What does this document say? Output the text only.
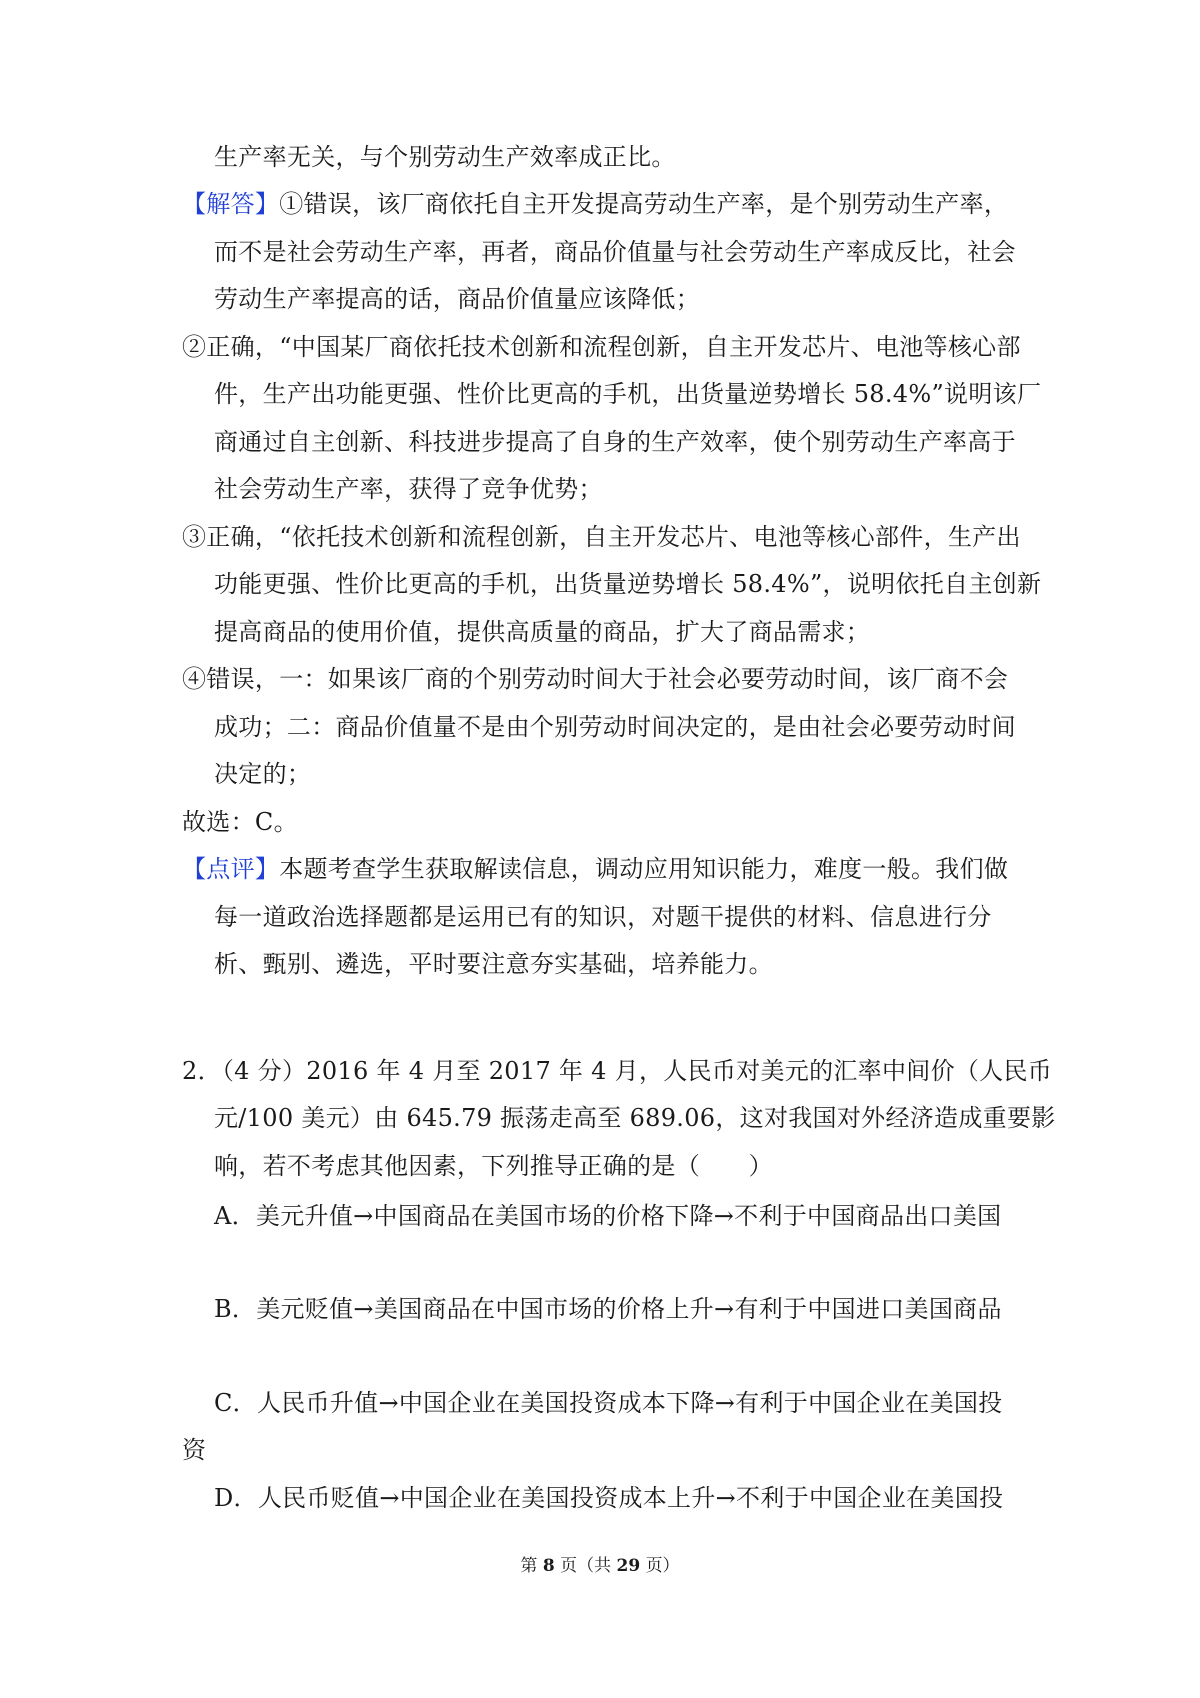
生产率无关，与个别劳动生产效率成正比。
【解答】①错误，该厂商依托自主开发提高劳动生产率，是个别劳动生产率，
而不是社会劳动生产率，再者，商品价值量与社会劳动生产率成反比，社会
劳动生产率提高的话，商品价值量应该降低；
②正确，“中国某厂商依托技术创新和流程创新，自主开发芯片、电池等核心部
件，生产出功能更强、性价比更高的手机，出货量逆势增长 58.4%”说明该厂
商通过自主创新、科技进步提高了自身的生产效率，使个别劳动生产率高于
社会劳动生产率，获得了竞争优势；
③正确，“依托技术创新和流程创新，自主开发芯片、电池等核心部件，生产出
功能更强、性价比更高的手机，出货量逆势增长 58.4%”，说明依托自主创新
提高商品的使用价值，提供高质量的商品，扩大了商品需求；
④错误，一：如果该厂商的个别劳动时间大于社会必要劳动时间，该厂商不会
成功；二：商品价值量不是由个别劳动时间决定的，是由社会必要劳动时间
决定的；
故选：C。
【点评】本题考查学生获取解读信息，调动应用知识能力，难度一般。我们做
每一道政治选择题都是运用已有的知识，对题干提供的材料、信息进行分
析、甄别、遴选，平时要注意夯实基础，培养能力。
2．（4 分）2016 年 4 月至 2017 年 4 月，人民币对美元的汇率中间价（人民币
元/100 美元）由 645.79 振荡走高至 689.06，这对我国对外经济造成重要影
响，若不考虑其他因素，下列推导正确的是（　　）
A．美元升值→中国商品在美国市场的价格下降→不利于中国商品出口美国
B．美元贬值→美国商品在中国市场的价格上升→有利于中国进口美国商品
C．人民币升值→中国企业在美国投资成本下降→有利于中国企业在美国投
资
D．人民币贬值→中国企业在美国投资成本上升→不利于中国企业在美国投
第 8 页（共 29 页）
